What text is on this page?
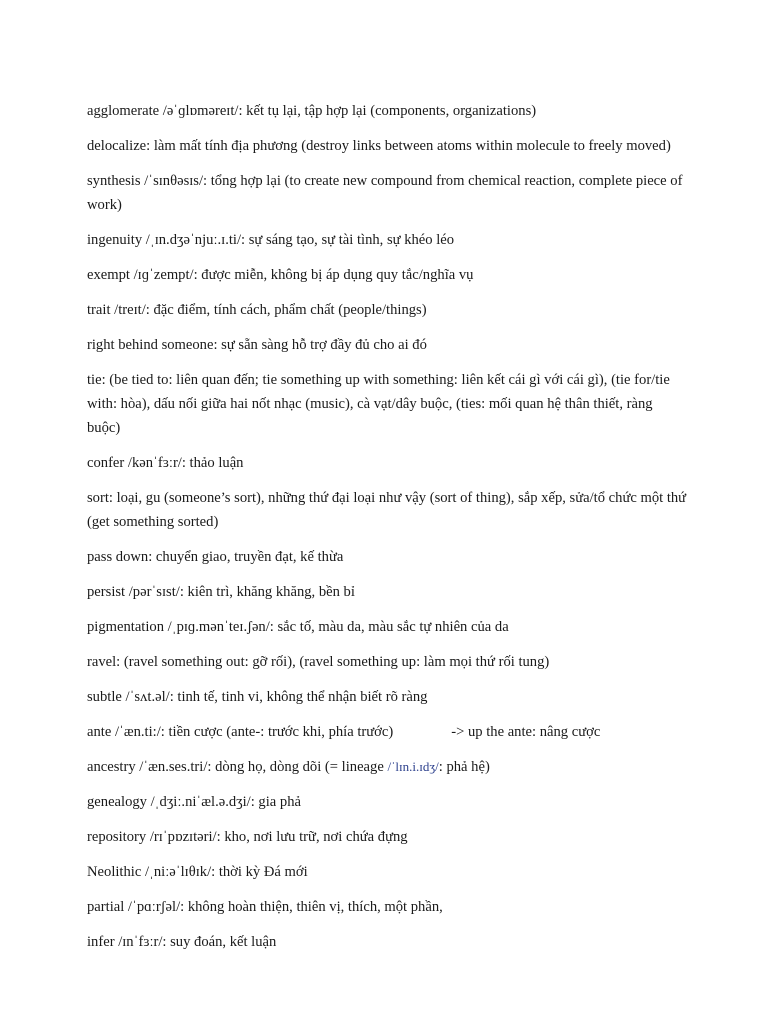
agglomerate /əˈɡlɒməreɪt/: kết tụ lại, tập hợp lại (components, organizations)

delocalize: làm mất tính địa phương (destroy links between atoms within molecule to freely moved)

synthesis /ˈsɪnθəsɪs/: tổng hợp lại (to create new compound from chemical reaction, complete piece of work)

ingenuity /ˌɪn.dʒəˈnjuː.ɪ.ti/: sự sáng tạo, sự tài tình, sự khéo léo

exempt /ɪɡˈzempt/: được miễn, không bị áp dụng quy tắc/nghĩa vụ

trait /treɪt/: đặc điểm, tính cách, phẩm chất (people/things)

right behind someone: sự sẵn sàng hỗ trợ đầy đủ cho ai đó

tie: (be tied to: liên quan đến; tie something up with something: liên kết cái gì với cái gì), (tie for/tie with: hòa), dấu nối giữa hai nốt nhạc (music), cà vạt/dây buộc, (ties: mối quan hệ thân thiết, ràng buộc)

confer /kənˈfɜːr/: thảo luận

sort: loại, gu (someone’s sort), những thứ đại loại như vậy (sort of thing), sắp xếp, sửa/tổ chức một thứ (get something sorted)

pass down: chuyển giao, truyền đạt, kế thừa

persist /pərˈsɪst/: kiên trì, khăng khăng, bền bỉ

pigmentation /ˌpɪɡ.mənˈteɪ.ʃən/: sắc tố, màu da, màu sắc tự nhiên của da

ravel: (ravel something out: gỡ rối), (ravel something up: làm mọi thứ rối tung)

subtle /ˈsʌt.əl/: tinh tế, tinh vi, không thể nhận biết rõ ràng

ante /ˈæn.ti:/: tiền cược (ante-: trước khi, phía trước)	-> up the ante: nâng cược

ancestry /ˈæn.ses.tri/: dòng họ, dòng dõi (= lineage /ˈlɪn.i.ɪdʒ/: phả hệ)

genealogy /ˌdʒiː.niˈæl.ə.dʒi/: gia phả

repository /rɪˈpɒzɪtəri/: kho, nơi lưu trữ, nơi chứa đựng

Neolithic /ˌniːəˈlɪθɪk/: thời kỳ Đá mới

partial /ˈpɑːrʃəl/: không hoàn thiện, thiên vị, thích, một phần,

infer /ɪnˈfɜːr/: suy đoán, kết luận
